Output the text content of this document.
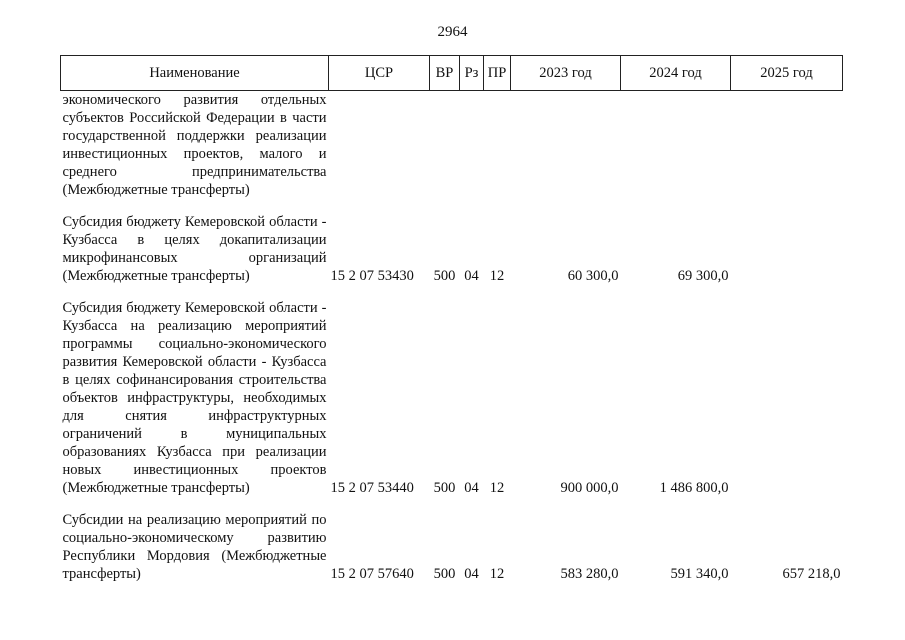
2964
Наименование	ЦСР	ВР	Рз	ПР	2023 год	2024 год	2025 год
экономического развития отдельных субъектов Российской Федерации в части государственной поддержки реализации инвестиционных проектов, малого и среднего предпринимательства (Межбюджетные трансферты)							
Субсидия бюджету Кемеровской области - Кузбасса в целях докапитализации микрофинансовых организаций (Межбюджетные трансферты)	15 2 07 53430	500	04	12	60 300,0	69 300,0	
Субсидия бюджету Кемеровской области - Кузбасса на реализацию мероприятий программы социально-экономического развития Кемеровской области - Кузбасса в целях софинансирования строительства объектов инфраструктуры, необходимых для снятия инфраструктурных ограничений в муниципальных образованиях Кузбасса при реализации новых инвестиционных проектов (Межбюджетные трансферты)	15 2 07 53440	500	04	12	900 000,0	1 486 800,0	
Субсидии на реализацию мероприятий по социально-экономическому развитию Республики Мордовия (Межбюджетные трансферты)	15 2 07 57640	500	04	12	583 280,0	591 340,0	657 218,0
